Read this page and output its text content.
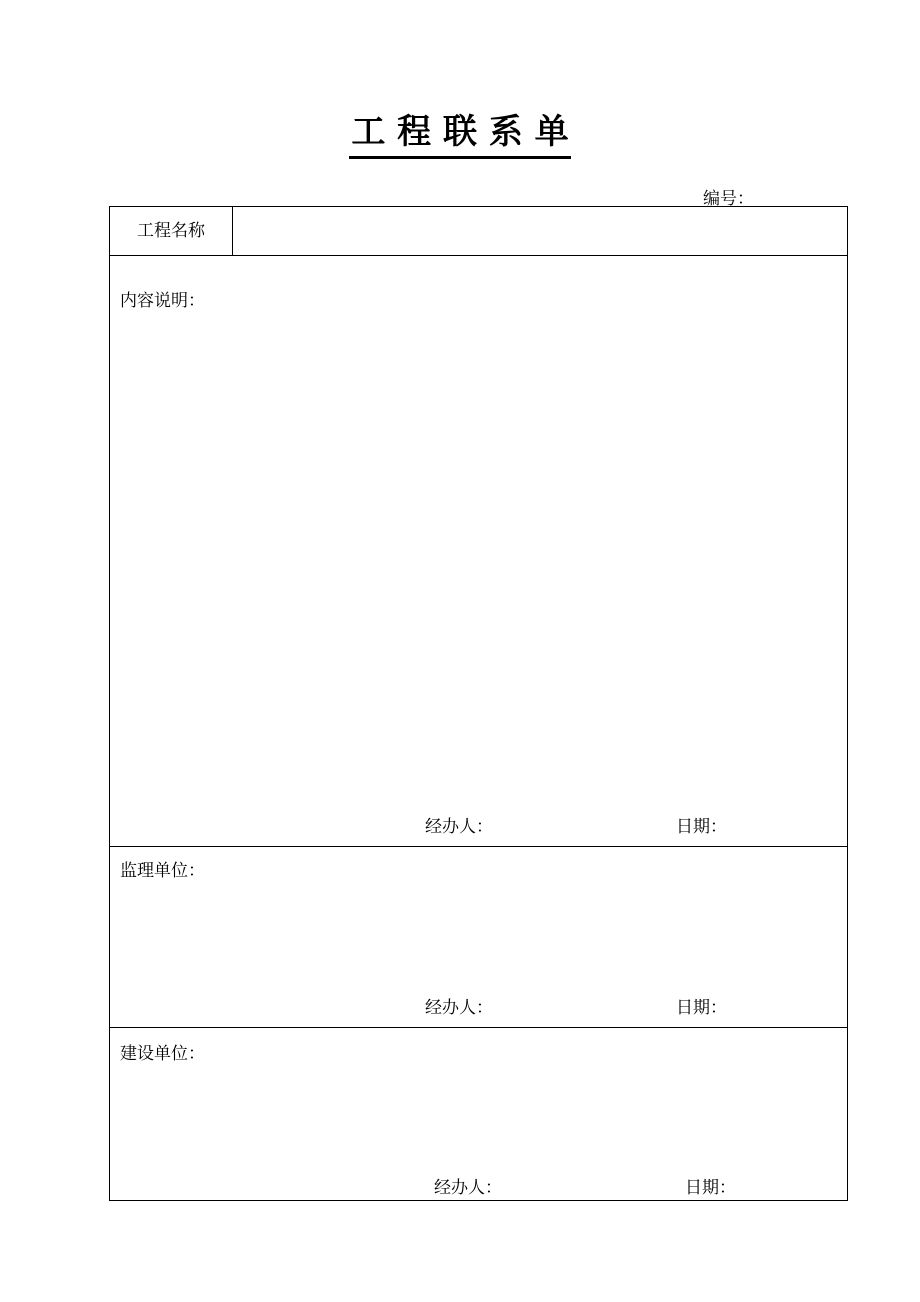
工 程 联 系 单
编号：
工程名称
内容说明：
经办人：	日期：
监理单位：
经办人：	日期：
建设单位：
经办人：	日期：
